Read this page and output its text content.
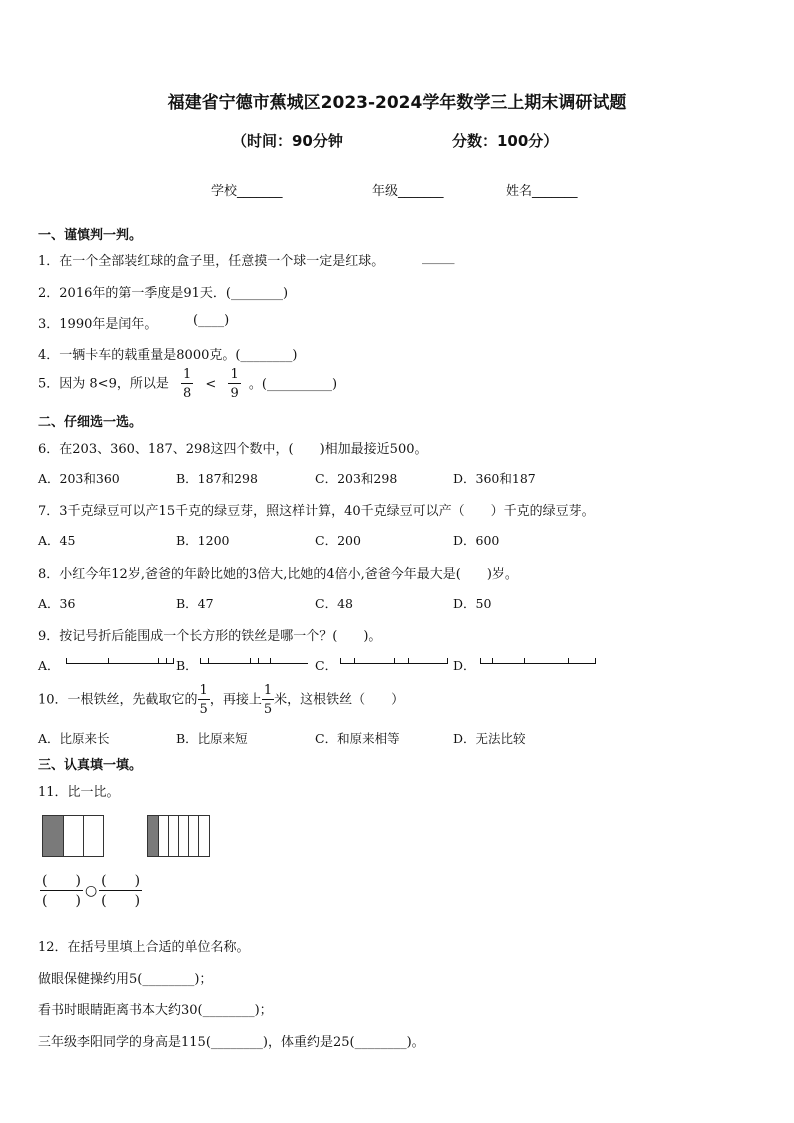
福建省宁德市蕉城区2023-2024学年数学三上期末调研试题
（时间：90分钟	分数：100分）
学校_______	年级_______	姓名_______
一、谨慎判一判。
1．在一个全部装红球的盒子里，任意摸一个球一定是红球。	_____
2．2016年的第一季度是91天．(________)
3．1990年是闰年。	(____)
4．一辆卡车的载重量是8000克。(________)
5．因为 8<9，所以是 $\frac{1}{8} < \frac{1}{9}$ 。(__________)
二、仔细选一选。
6．在203、360、187、298这四个数中，(　　)相加最接近500。
A．203和360	B．187和298	C．203和298	D．360和187
7．3千克绿豆可以产15千克的绿豆芽，照这样计算，40千克绿豆可以产（　　）千克的绿豆芽。
A．45	B．1200	C．200	D．600
8．小红今年12岁,爸爸的年龄比她的3倍大,比她的4倍小,爸爸今年最大是(　　)岁。
A．36	B．47	C．48	D．50
9．按记号折后能围成一个长方形的铁丝是哪一个？(　　)。
A．	B．	C．	D．
10．一根铁丝，先截取它的 $\frac{1}{5}$ ，再接上 $\frac{1}{5}$ 米，这根铁丝（　　）
A．比原来长	B．比原来短	C．和原来相等	D．无法比较
三、认真填一填。
11．比一比。
$\frac{( )}{( )}$ ○ $\frac{( )}{( )}$
12．在括号里填上合适的单位名称。
做眼保健操约用5(________)；
看书时眼睛距离书本大约30(________)；
三年级李阳同学的身高是115(________)，体重约是25(________)。
